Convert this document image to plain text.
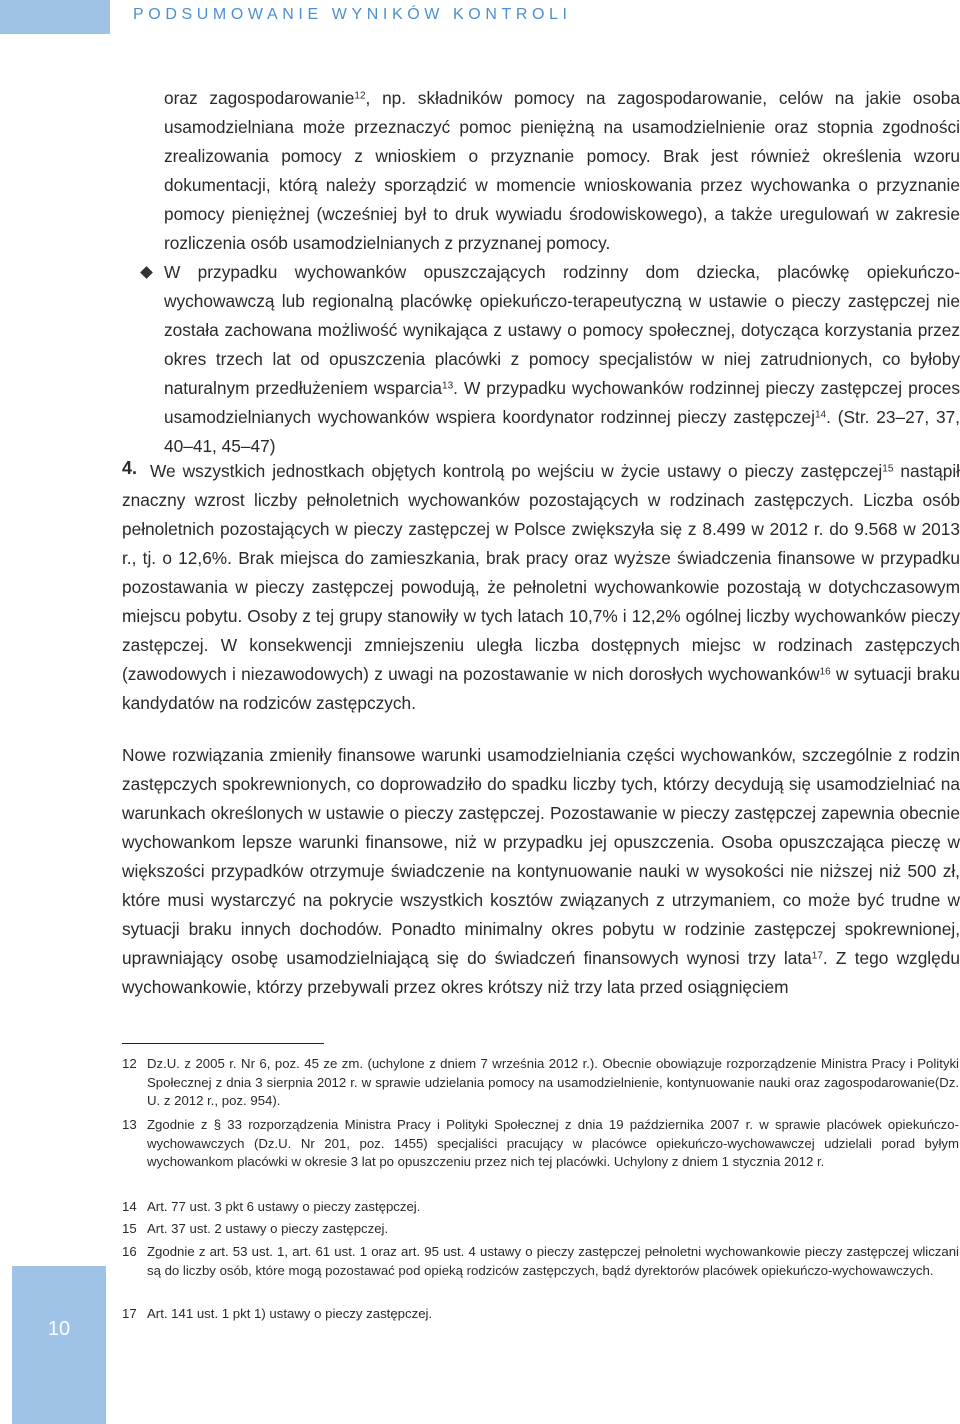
PODSUMOWANIE WYNIKÓW KONTROLI

oraz zagospodarowanie$^{12}$, np. składników pomocy na zagospodarowanie, celów na jakie osoba usamodzielniana może przeznaczyć pomoc pieniężną na usamodzielnienie oraz stopnia zgodności zrealizowania pomocy z wnioskiem o przyznanie pomocy. Brak jest również określenia wzoru dokumentacji, którą należy sporządzić w momencie wnioskowania przez wychowanka o przyznanie pomocy pieniężnej (wcześniej był to druk wywiadu środowiskowego), a także uregulowań w zakresie rozliczenia osób usamodzielnianych z przyznanej pomocy.

W przypadku wychowanków opuszczających rodzinny dom dziecka, placówkę opiekuńczo-wychowawczą lub regionalną placówkę opiekuńczo-terapeutyczną w ustawie o pieczy zastępczej nie została zachowana możliwość wynikająca z ustawy o pomocy społecznej, dotycząca korzystania przez okres trzech lat od opuszczenia placówki z pomocy specjalistów w niej zatrudnionych, co byłoby naturalnym przedłużeniem wsparcia$^{13}$. W przypadku wychowanków rodzinnej pieczy zastępczej proces usamodzielnianych wychowanków wspiera koordynator rodzinnej pieczy zastępczej$^{14}$. (Str. 23–27, 37, 40–41, 45–47)

We wszystkich jednostkach objętych kontrolą po wejściu w życie ustawy o pieczy zastępczej$^{15}$ nastąpił znaczny wzrost liczby pełnoletnich wychowanków pozostających w rodzinach zastępczych. Liczba osób pełnoletnich pozostających w pieczy zastępczej w Polsce zwiększyła się z 8.499 w 2012 r. do 9.568 w 2013 r., tj. o 12,6%. Brak miejsca do zamieszkania, brak pracy oraz wyższe świadczenia finansowe w przypadku pozostawania w pieczy zastępczej powodują, że pełnoletni wychowankowie pozostają w dotychczasowym miejscu pobytu. Osoby z tej grupy stanowiły w tych latach 10,7% i 12,2% ogólnej liczby wychowanków pieczy zastępczej. W konsekwencji zmniejszeniu uległa liczba dostępnych miejsc w rodzinach zastępczych (zawodowych i niezawodowych) z uwagi na pozostawanie w nich dorosłych wychowanków$^{16}$ w sytuacji braku kandydatów na rodziców zastępczych.

4.

Nowe rozwiązania zmieniły finansowe warunki usamodzielniania części wychowanków, szczególnie z rodzin zastępczych spokrewnionych, co doprowadziło do spadku liczby tych, którzy decydują się usamodzielniać na warunkach określonych w ustawie o pieczy zastępczej. Pozostawanie w pieczy zastępczej zapewnia obecnie wychowankom lepsze warunki finansowe, niż w przypadku jej opuszczenia. Osoba opuszczająca pieczę w większości przypadków otrzymuje świadczenie na kontynuowanie nauki w wysokości nie niższej niż 500 zł, które musi wystarczyć na pokrycie wszystkich kosztów związanych z utrzymaniem, co może być trudne w sytuacji braku innych dochodów. Ponadto minimalny okres pobytu w rodzinie zastępczej spokrewnionej, uprawniający osobę usamodzielniającą się do świadczeń finansowych wynosi trzy lata$^{17}$. Z tego względu wychowankowie, którzy przebywali przez okres krótszy niż trzy lata przed osiągnięciem

12 Dz.U. z 2005 r. Nr 6, poz. 45 ze zm. (uchylone z dniem 7 września 2012 r.). Obecnie obowiązuje rozporządzenie Ministra Pracy i Polityki Społecznej z dnia 3 sierpnia 2012 r. w sprawie udzielania pomocy na usamodzielnienie, kontynuowanie nauki oraz zagospodarowanie(Dz. U. z 2012 r., poz. 954).

13 Zgodnie z § 33 rozporządzenia Ministra Pracy i Polityki Społecznej z dnia 19 października 2007 r. w sprawie placówek opiekuńczo-wychowawczych (Dz.U. Nr 201, poz. 1455) specjaliści pracujący w placówce opiekuńczo-wychowawczej udzielali porad byłym wychowankom placówki w okresie 3 lat po opuszczeniu przez nich tej placówki. Uchylony z dniem 1 stycznia 2012 r.

14 Art. 77 ust. 3 pkt 6 ustawy o pieczy zastępczej.

15 Art. 37 ust. 2 ustawy o pieczy zastępczej.

16 Zgodnie z art. 53 ust. 1, art. 61 ust. 1 oraz art. 95 ust. 4 ustawy o pieczy zastępczej pełnoletni wychowankowie pieczy zastępczej wliczani są do liczby osób, które mogą pozostawać pod opieką rodziców zastępczych, bądź dyrektorów placówek opiekuńczo-wychowawczych.

17 Art. 141 ust. 1 pkt 1) ustawy o pieczy zastępczej.

10
